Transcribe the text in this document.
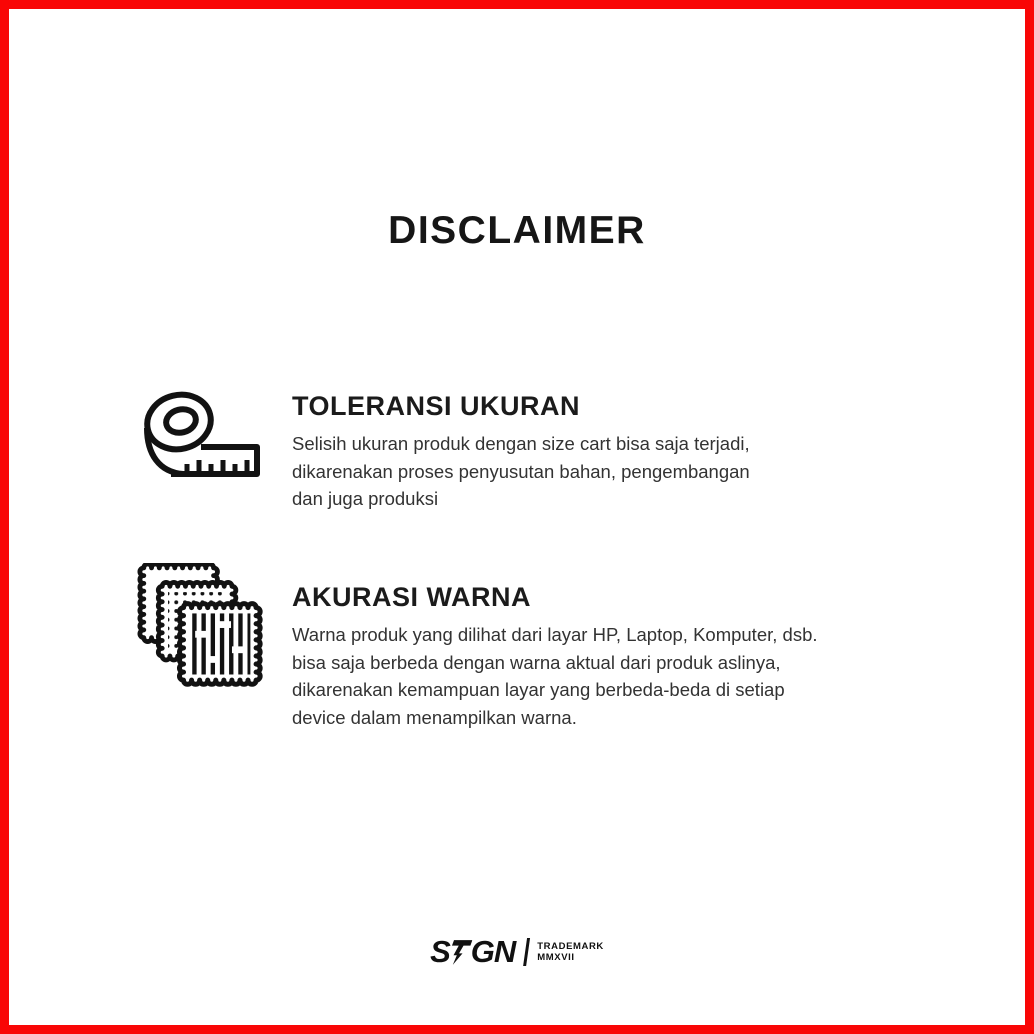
DISCLAIMER
TOLERANSI UKURAN
Selisih ukuran produk dengan size cart bisa saja terjadi,
dikarenakan proses penyusutan bahan, pengembangan
dan juga produksi
AKURASI WARNA
Warna produk yang dilihat dari layar HP, Laptop, Komputer, dsb.
bisa saja berbeda dengan warna aktual dari produk aslinya,
dikarenakan kemampuan layar yang berbeda-beda di setiap
device dalam menampilkan warna.
S GN TRADEMARK
MMXVII
